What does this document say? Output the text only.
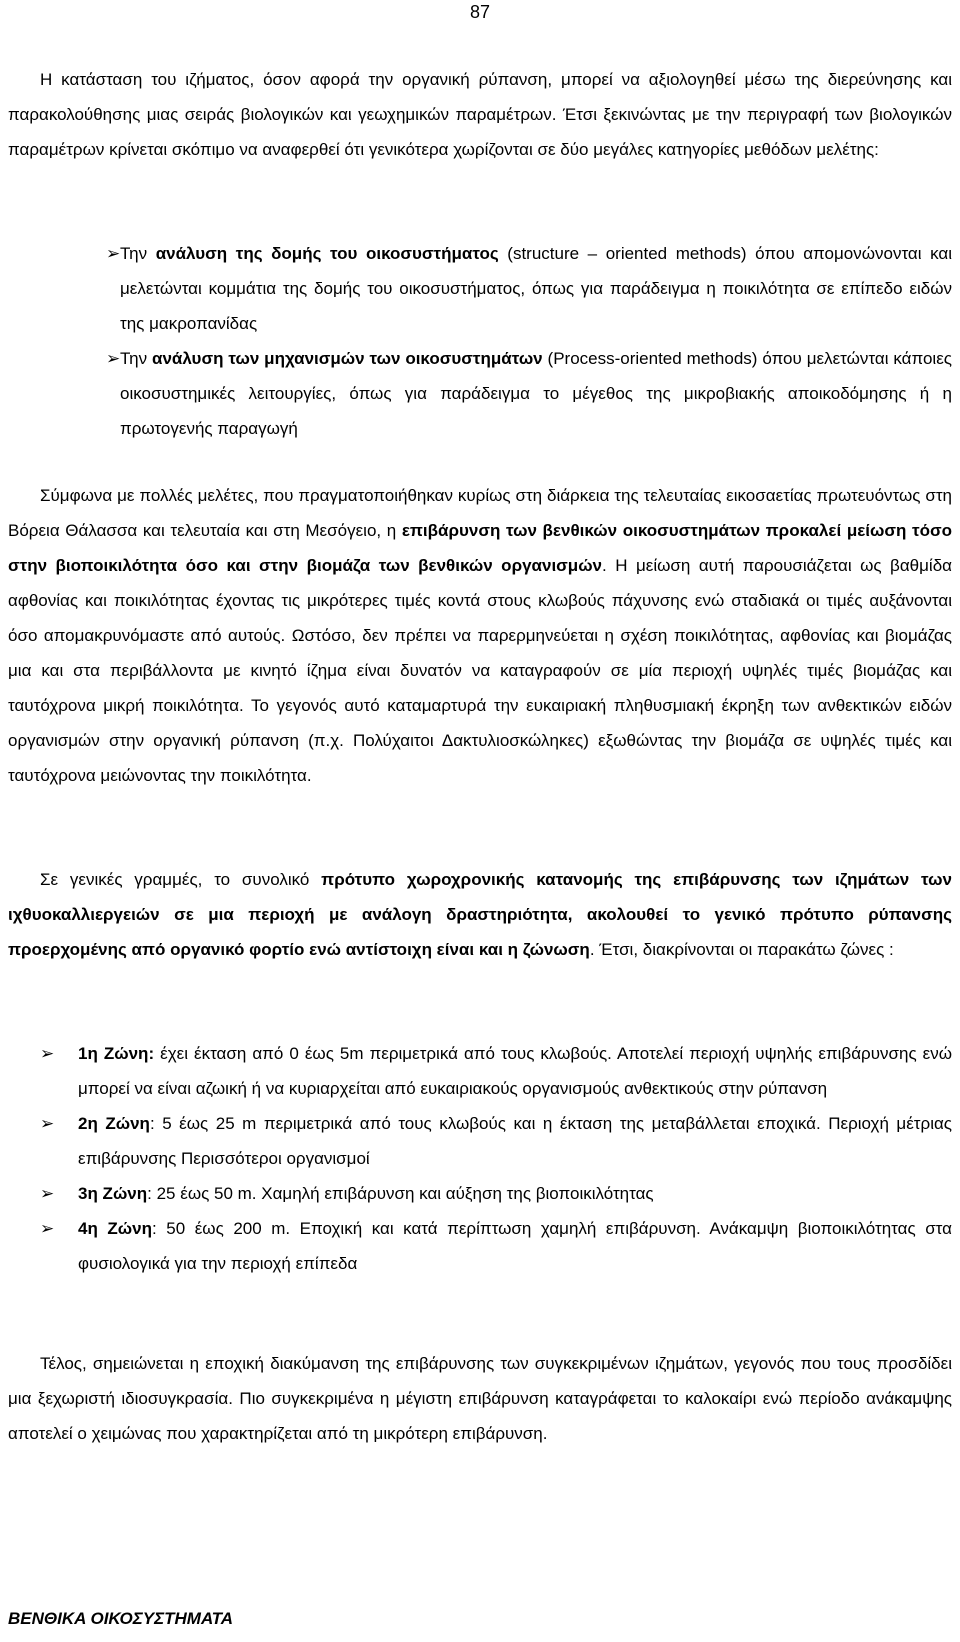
87

Η κατάσταση του ιζήματος, όσον αφορά την οργανική ρύπανση, μπορεί να αξιολογηθεί μέσω της διερεύνησης και παρακολούθησης μιας σειράς βιολογικών και γεωχημικών παραμέτρων. Έτσι ξεκινώντας με την περιγραφή των βιολογικών παραμέτρων κρίνεται σκόπιμο να αναφερθεί ότι γενικότερα χωρίζονται σε δύο μεγάλες κατηγορίες μεθόδων μελέτης:

➢ Την ανάλυση της δομής του οικοσυστήματος (structure – oriented methods) όπου απομονώνονται και μελετώνται κομμάτια της δομής του οικοσυστήματος, όπως για παράδειγμα η ποικιλότητα σε επίπεδο ειδών της μακροπανίδας
➢ Την ανάλυση των μηχανισμών των οικοσυστημάτων (Process-oriented methods) όπου μελετώνται κάποιες οικοσυστημικές λειτουργίες, όπως για παράδειγμα το μέγεθος της μικροβιακής αποικοδόμησης ή η πρωτογενής παραγωγή

Σύμφωνα με πολλές μελέτες, που πραγματοποιήθηκαν κυρίως στη διάρκεια της τελευταίας εικοσαετίας πρωτευόντως στη Βόρεια Θάλασσα και τελευταία και στη Μεσόγειο, η επιβάρυνση των βενθικών οικοσυστημάτων προκαλεί μείωση τόσο στην βιοποικιλότητα όσο και στην βιομάζα των βενθικών οργανισμών. Η μείωση αυτή παρουσιάζεται ως βαθμίδα αφθονίας και ποικιλότητας έχοντας τις μικρότερες τιμές κοντά στους κλωβούς πάχυνσης ενώ σταδιακά οι τιμές αυξάνονται όσο απομακρυνόμαστε από αυτούς. Ωστόσο, δεν πρέπει να παρερμηνεύεται η σχέση ποικιλότητας, αφθονίας και βιομάζας μια και στα περιβάλλοντα με κινητό ίζημα είναι δυνατόν να καταγραφούν σε μία περιοχή υψηλές τιμές βιομάζας και ταυτόχρονα μικρή ποικιλότητα. Το γεγονός αυτό καταμαρτυρά την ευκαιριακή πληθυσμιακή έκρηξη των ανθεκτικών ειδών οργανισμών στην οργανική ρύπανση (π.χ. Πολύχαιτοι Δακτυλιοσκώληκες) εξωθώντας την βιομάζα σε υψηλές τιμές και ταυτόχρονα μειώνοντας την ποικιλότητα.

Σε γενικές γραμμές, το συνολικό πρότυπο χωροχρονικής κατανομής της επιβάρυνσης των ιζημάτων των ιχθυοκαλλιεργειών σε μια περιοχή με ανάλογη δραστηριότητα, ακολουθεί το γενικό πρότυπο ρύπανσης προερχομένης από οργανικό φορτίο ενώ αντίστοιχη είναι και η ζώνωση. Έτσι, διακρίνονται οι παρακάτω ζώνες :

➢ 1η Ζώνη: έχει έκταση από 0 έως 5m περιμετρικά από τους κλωβούς. Αποτελεί περιοχή υψηλής επιβάρυνσης ενώ μπορεί να είναι αζωική ή να κυριαρχείται από ευκαιριακούς οργανισμούς ανθεκτικούς στην ρύπανση
➢ 2η Ζώνη: 5 έως 25 m περιμετρικά από τους κλωβούς και η έκταση της μεταβάλλεται εποχικά. Περιοχή μέτριας επιβάρυνσης Περισσότεροι οργανισμοί
➢ 3η Ζώνη: 25 έως 50 m. Χαμηλή επιβάρυνση και αύξηση της βιοποικιλότητας
➢ 4η Ζώνη: 50 έως 200 m. Εποχική και κατά περίπτωση χαμηλή επιβάρυνση. Ανάκαμψη βιοποικιλότητας στα φυσιολογικά για την περιοχή επίπεδα

Τέλος, σημειώνεται η εποχική διακύμανση της επιβάρυνσης των συγκεκριμένων ιζημάτων, γεγονός που τους προσδίδει μια ξεχωριστή ιδιοσυγκρασία. Πιο συγκεκριμένα η μέγιστη επιβάρυνση καταγράφεται το καλοκαίρι ενώ περίοδο ανάκαμψης αποτελεί ο χειμώνας που χαρακτηρίζεται από τη μικρότερη επιβάρυνση.

ΒΕΝΘΙΚΑ ΟΙΚΟΣΥΣΤΗΜΑΤΑ
